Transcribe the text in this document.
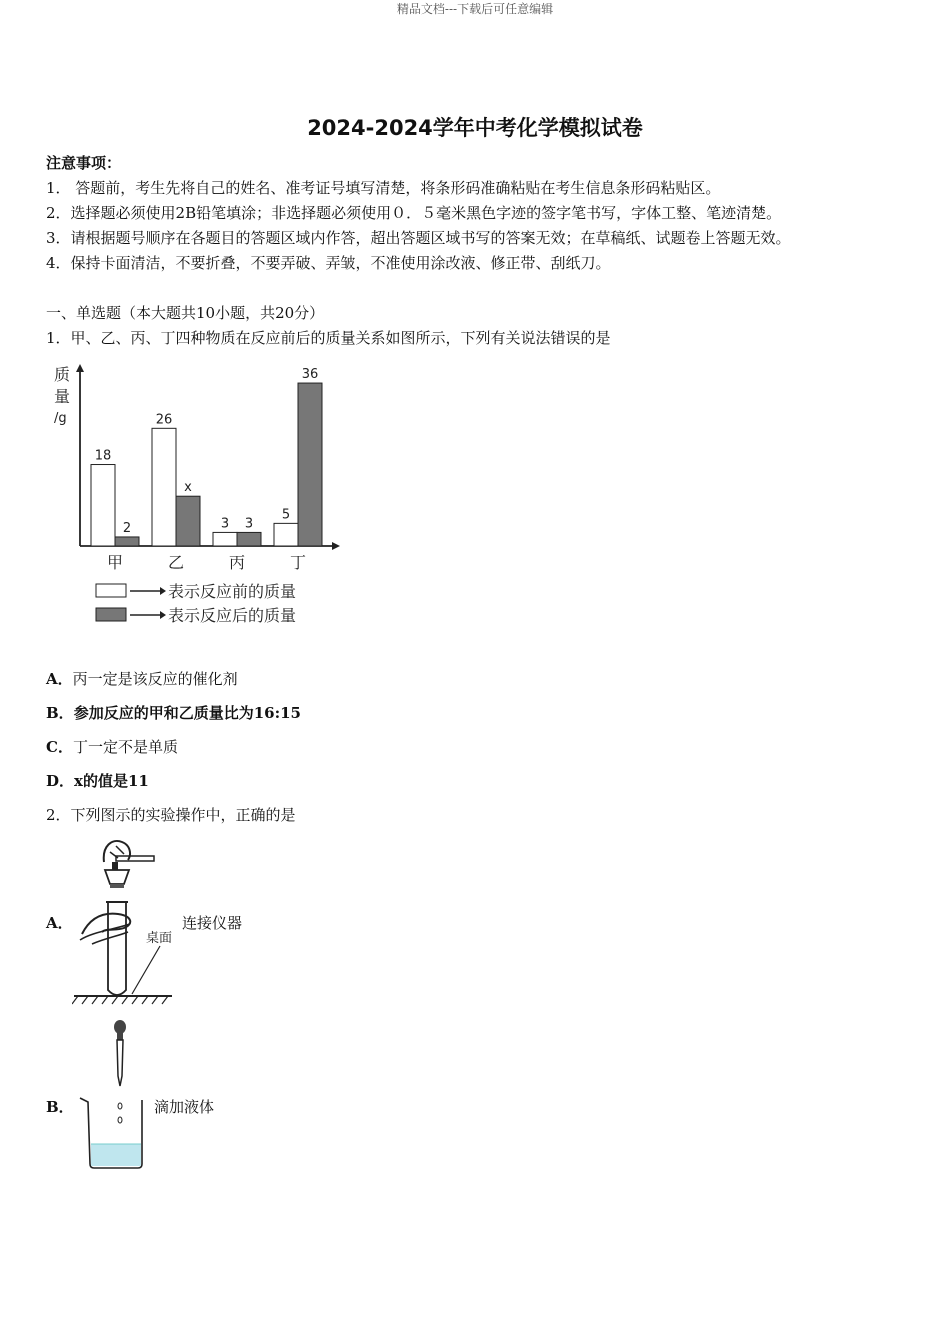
精品文档---下载后可任意编辑
2024-2024学年中考化学模拟试卷
注意事项：
1． 答题前，考生先将自己的姓名、准考证号填写清楚，将条形码准确粘贴在考生信息条形码粘贴区。
2．选择题必须使用2B铅笔填涂；非选择题必须使用０．５毫米黑色字迹的签字笔书写，字体工整、笔迹清楚。
3．请根据题号顺序在各题目的答题区域内作答，超出答题区域书写的答案无效；在草稿纸、试题卷上答题无效。
4．保持卡面清洁，不要折叠，不要弄破、弄皱，不准使用涂改液、修正带、刮纸刀。
一、单选题（本大题共10小题，共20分）
1．甲、乙、丙、丁四种物质在反应前后的质量关系如图所示，下列有关说法错误的是
质
量
/g
18
2
甲
26
x
乙
3 3
丙
5
36
丁
表示反应前的质量
表示反应后的质量
A．丙一定是该反应的催化剂
B．参加反应的甲和乙质量比为16:15
C．丁一定不是单质
D．x的值是11
2．下列图示的实验操作中，正确的是
A．
桌面
连接仪器
B．	滴加液体
